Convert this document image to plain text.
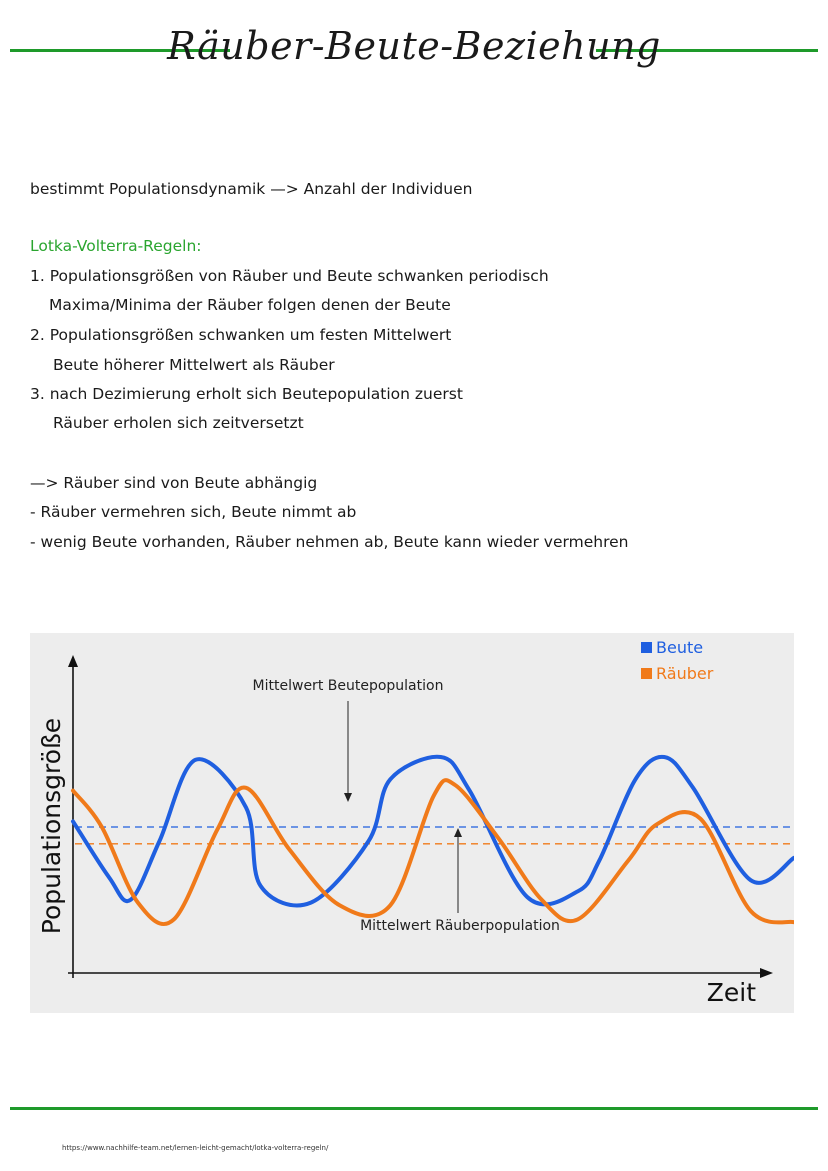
Räuber-Beute-Beziehung
bestimmt Populationsdynamik —> Anzahl der Individuen
Lotka-Volterra-Regeln:
1. Populationsgrößen von Räuber und Beute schwanken periodisch
Maxima/Minima der Räuber folgen denen der Beute
2. Populationsgrößen schwanken um festen Mittelwert
Beute höherer Mittelwert als Räuber
3. nach Dezimierung erholt sich Beutepopulation zuerst
Räuber erholen sich zeitversetzt
—> Räuber sind von Beute abhängig
- Räuber vermehren sich, Beute nimmt ab
- wenig Beute vorhanden, Räuber nehmen ab, Beute kann wieder vermehren
Populationsgröße
Zeit
Mittelwert Beutepopulation
Mittelwert Räuberpopulation
Beute
Räuber
https://www.nachhilfe-team.net/lernen-leicht-gemacht/lotka-volterra-regeln/
